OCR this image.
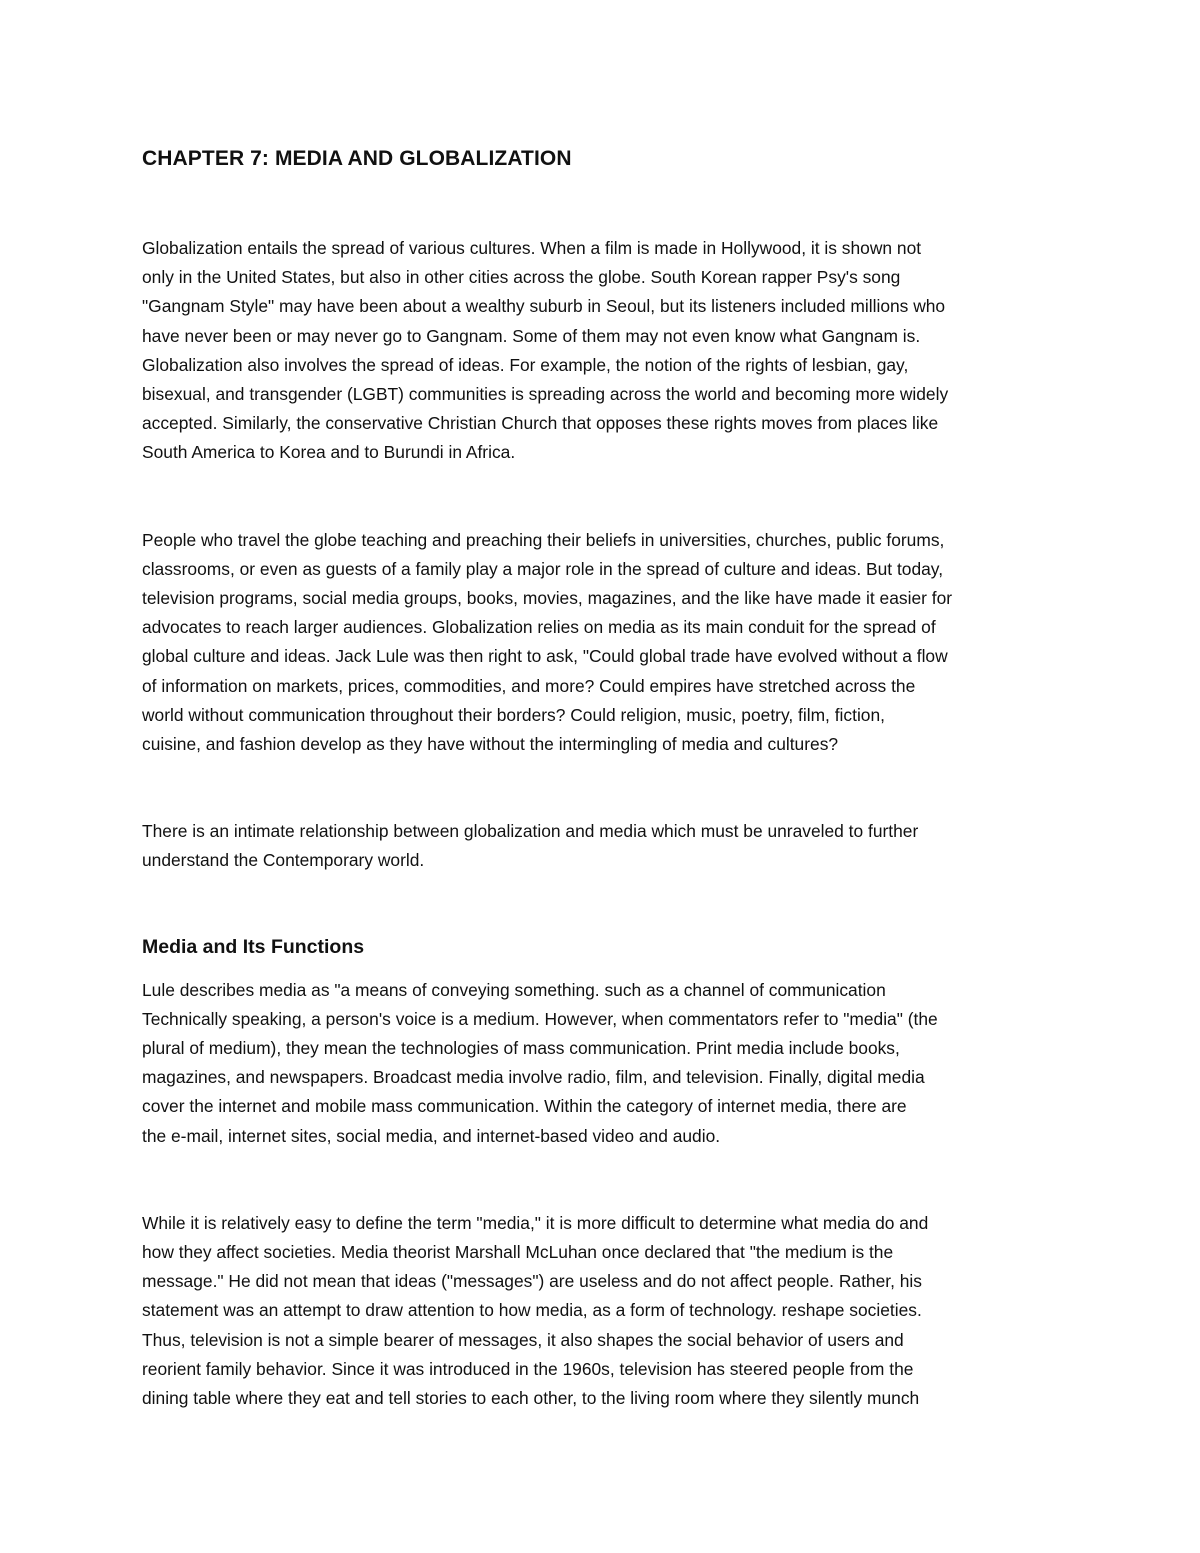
CHAPTER 7: MEDIA AND GLOBALIZATION

Globalization entails the spread of various cultures. When a film is made in Hollywood, it is shown not
only in the United States, but also in other cities across the globe. South Korean rapper Psy's song
"Gangnam Style" may have been about a wealthy suburb in Seoul, but its listeners included millions who
have never been or may never go to Gangnam. Some of them may not even know what Gangnam is.
Globalization also involves the spread of ideas. For example, the notion of the rights of lesbian, gay,
bisexual, and transgender (LGBT) communities is spreading across the world and becoming more widely
accepted. Similarly, the conservative Christian Church that opposes these rights moves from places like
South America to Korea and to Burundi in Africa.

People who travel the globe teaching and preaching their beliefs in universities, churches, public forums,
classrooms, or even as guests of a family play a major role in the spread of culture and ideas. But today,
television programs, social media groups, books, movies, magazines, and the like have made it easier for
advocates to reach larger audiences. Globalization relies on media as its main conduit for the spread of
global culture and ideas. Jack Lule was then right to ask, "Could global trade have evolved without a flow
of information on markets, prices, commodities, and more? Could empires have stretched across the
world without communication throughout their borders? Could religion, music, poetry, film, fiction,
cuisine, and fashion develop as they have without the intermingling of media and cultures?

There is an intimate relationship between globalization and media which must be unraveled to further
understand the Contemporary world.

Media and Its Functions

Lule describes media as "a means of conveying something. such as a channel of communication
Technically speaking, a person's voice is a medium. However, when commentators refer to "media" (the
plural of medium), they mean the technologies of mass communication. Print media include books,
magazines, and newspapers. Broadcast media involve radio, film, and television. Finally, digital media
cover the internet and mobile mass communication. Within the category of internet media, there are
the e-mail, internet sites, social media, and internet-based video and audio.

While it is relatively easy to define the term "media," it is more difficult to determine what media do and
how they affect societies. Media theorist Marshall McLuhan once declared that "the medium is the
message." He did not mean that ideas ("messages") are useless and do not affect people. Rather, his
statement was an attempt to draw attention to how media, as a form of technology. reshape societies.
Thus, television is not a simple bearer of messages, it also shapes the social behavior of users and
reorient family behavior. Since it was introduced in the 1960s, television has steered people from the
dining table where they eat and tell stories to each other, to the living room where they silently munch
